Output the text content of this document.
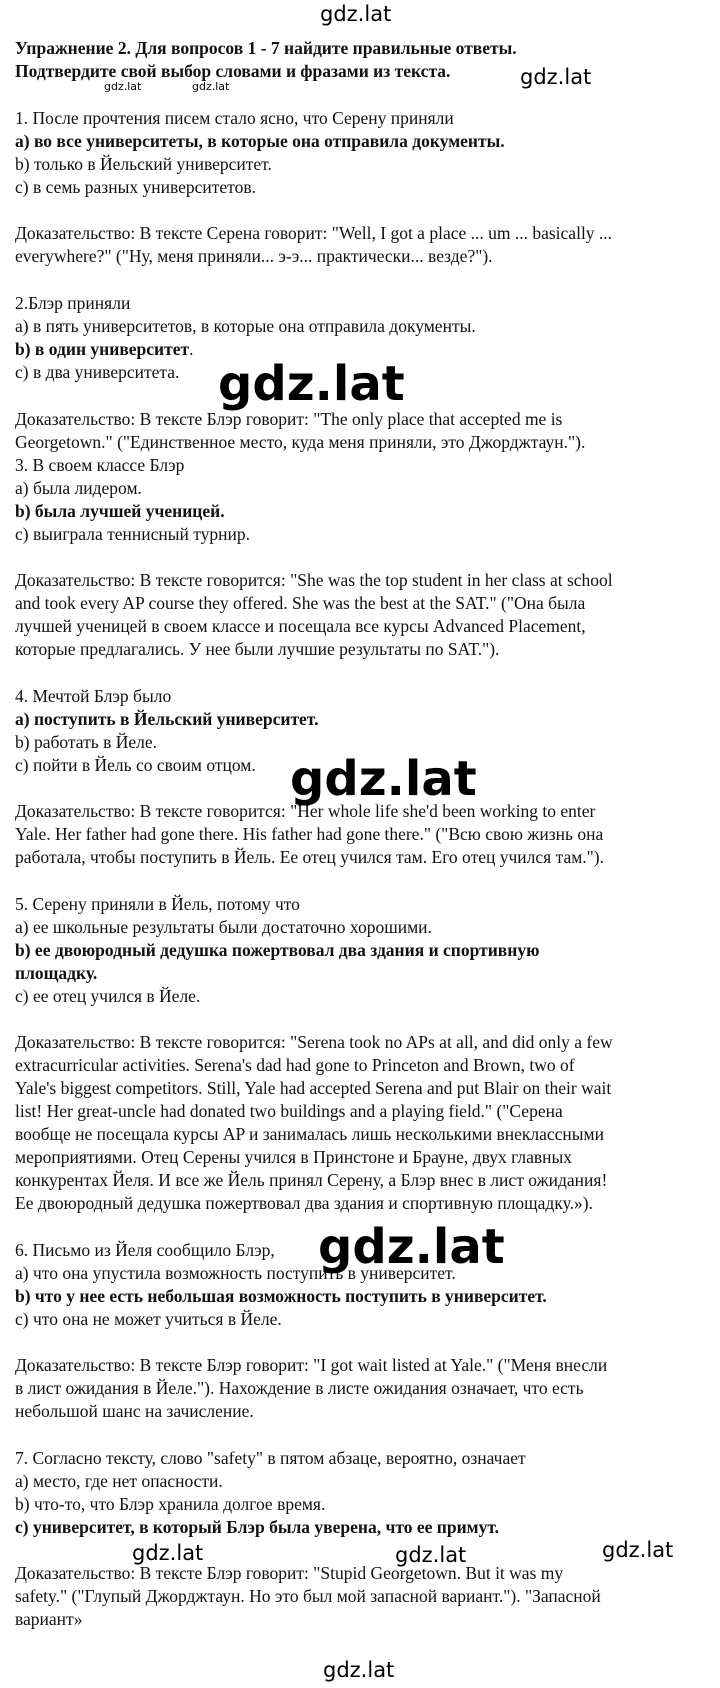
Упражнение 2. Для вопросов 1 - 7 найдите правильные ответы.
Подтвердите свой выбор словами и фразами из текста.
1. После прочтения писем стало ясно, что Серену приняли
а) во все университеты, в которые она отправила документы.
b) только в Йельский университет.
c) в семь разных университетов.
Доказательство: В тексте Серена говорит: "Well, I got a place ... um ... basically ...
everywhere?" ("Ну, меня приняли... э-э... практически... везде?").
2.Блэр приняли
а) в пять университетов, в которые она отправила документы.
b) в один университет.
c) в два университета.
Доказательство: В тексте Блэр говорит: "The only place that accepted me is
Georgetown." ("Единственное место, куда меня приняли, это Джорджтаун.").
3. В своем классе Блэр
а) была лидером.
b) была лучшей ученицей.
c) выиграла теннисный турнир.
Доказательство: В тексте говорится: "She was the top student in her class at school
and took every AP course they offered. She was the best at the SAT." ("Она была
лучшей ученицей в своем классе и посещала все курсы Advanced Placement,
которые предлагались. У нее были лучшие результаты по SAT.").
4. Мечтой Блэр было
а) поступить в Йельский университет.
b) работать в Йеле.
c) пойти в Йель со своим отцом.
Доказательство: В тексте говорится: "Her whole life she'd been working to enter
Yale. Her father had gone there. His father had gone there." ("Всю свою жизнь она
работала, чтобы поступить в Йель. Ее отец учился там. Его отец учился там.").
5. Серену приняли в Йель, потому что
а) ее школьные результаты были достаточно хорошими.
b) ее двоюродный дедушка пожертвовал два здания и спортивную
площадку.
c) ее отец учился в Йеле.
Доказательство: В тексте говорится: "Serena took no APs at all, and did only a few
extracurricular activities. Serena's dad had gone to Princeton and Brown, two of
Yale's biggest competitors. Still, Yale had accepted Serena and put Blair on their wait
list! Her great-uncle had donated two buildings and a playing field." ("Серена
вообще не посещала курсы AP и занималась лишь несколькими внеклассными
мероприятиями. Отец Серены учился в Принстоне и Брауне, двух главных
конкурентах Йеля. И все же Йель принял Серену, а Блэр внес в лист ожидания!
Ее двоюродный дедушка пожертвовал два здания и спортивную площадку.»).
6. Письмо из Йеля сообщило Блэр,
а) что она упустила возможность поступить в университет.
b) что у нее есть небольшая возможность поступить в университет.
c) что она не может учиться в Йеле.
Доказательство: В тексте Блэр говорит: "I got wait listed at Yale." ("Меня внесли
в лист ожидания в Йеле."). Нахождение в листе ожидания означает, что есть
небольшой шанс на зачисление.
7. Согласно тексту, слово "safety" в пятом абзаце, вероятно, означает
а) место, где нет опасности.
b) что-то, что Блэр хранила долгое время.
c) университет, в который Блэр была уверена, что ее примут.
Доказательство: В тексте Блэр говорит: "Stupid Georgetown. But it was my
safety." ("Глупый Джорджтаун. Но это был мой запасной вариант."). "Запасной
вариант»
gdz.lat
gdz.lat	gdz.lat	gdz.lat
gdz.lat
gdz.lat
gdz.lat
gdz.lat	gdz.lat	gdz.lat
gdz.lat
